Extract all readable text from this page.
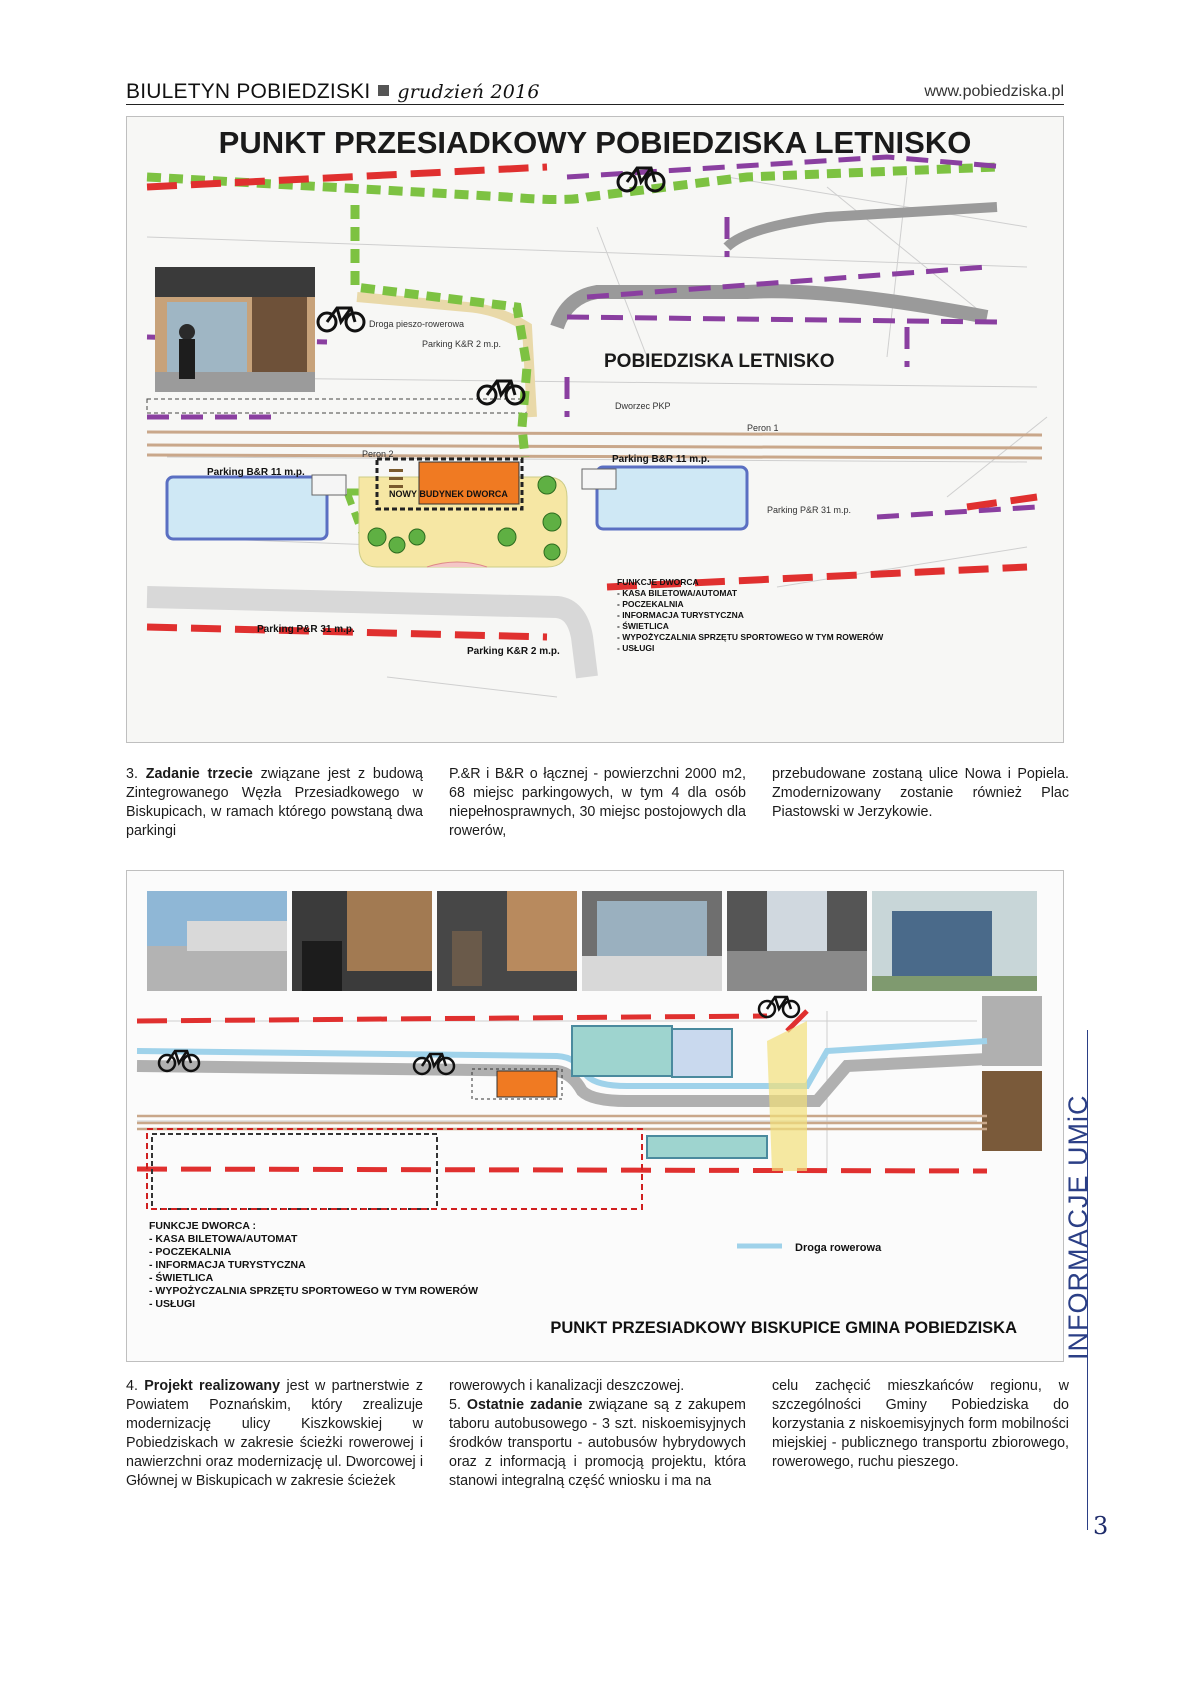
BIULETYN POBIEDZISKI grudzień 2016	www.pobiedziska.pl
PUNKT PRZESIADKOWY POBIEDZISKA LETNISKO
POBIEDZISKA LETNISKO
Droga pieszo-rowerowa
Parking K&R 2 m.p.
Dworzec PKP
Peron 1
Peron 2
Parking P&R 31 m.p.
Parking B&R 11 m.p.
Parking B&R 11 m.p.
NOWY BUDYNEK DWORCA
Parking P&R 31 m.p.
Parking K&R 2 m.p.
FUNKCJE DWORCA
- KASA BILETOWA/AUTOMAT
- POCZEKALNIA
- INFORMACJA TURYSTYCZNA
- ŚWIETLICA
- WYPOŻYCZALNIA SPRZĘTU SPORTOWEGO W TYM ROWERÓW
- USŁUGI
3. Zadanie trzecie związane jest z budową Zintegrowanego Węzła Przesiadkowego w Biskupicach, w ramach którego powstaną dwa parkingi
P.&R i B&R o łącznej - powierzchni 2000 m2, 68 miejsc parkingowych, w tym 4 dla osób niepełnosprawnych, 30 miejsc postojowych dla rowerów,
przebudowane zostaną ulice Nowa i Popiela. Zmodernizowany zostanie również Plac Piastowski w Jerzykowie.
FUNKCJE DWORCA :
- KASA BILETOWA/AUTOMAT
- POCZEKALNIA
- INFORMACJA TURYSTYCZNA
- ŚWIETLICA
- WYPOŻYCZALNIA SPRZĘTU SPORTOWEGO W TYM ROWERÓW
- USŁUGI
Droga rowerowa
PUNKT PRZESIADKOWY BISKUPICE GMINA POBIEDZISKA
4. Projekt realizowany jest w partnerstwie z Powiatem Poznańskim, który zrealizuje modernizację ulicy Kiszkowskiej w Pobiedziskach w zakresie ścieżki rowerowej i nawierzchni oraz modernizację ul. Dworcowej i Głównej w Biskupicach w zakresie ścieżek
rowerowych i kanalizacji deszczowej.
5. Ostatnie zadanie związane są z zakupem taboru autobusowego - 3 szt. niskoemisyjnych środków transportu - autobusów hybrydowych oraz z informacją i promocją projektu, która stanowi integralną część wniosku i ma na
celu zachęcić mieszkańców regionu, w szczególności Gminy Pobiedziska do korzystania z niskoemisyjnych form mobilności miejskiej - publicznego transportu zbiorowego, rowerowego, ruchu pieszego.
INFORMACJE UMiC
3
